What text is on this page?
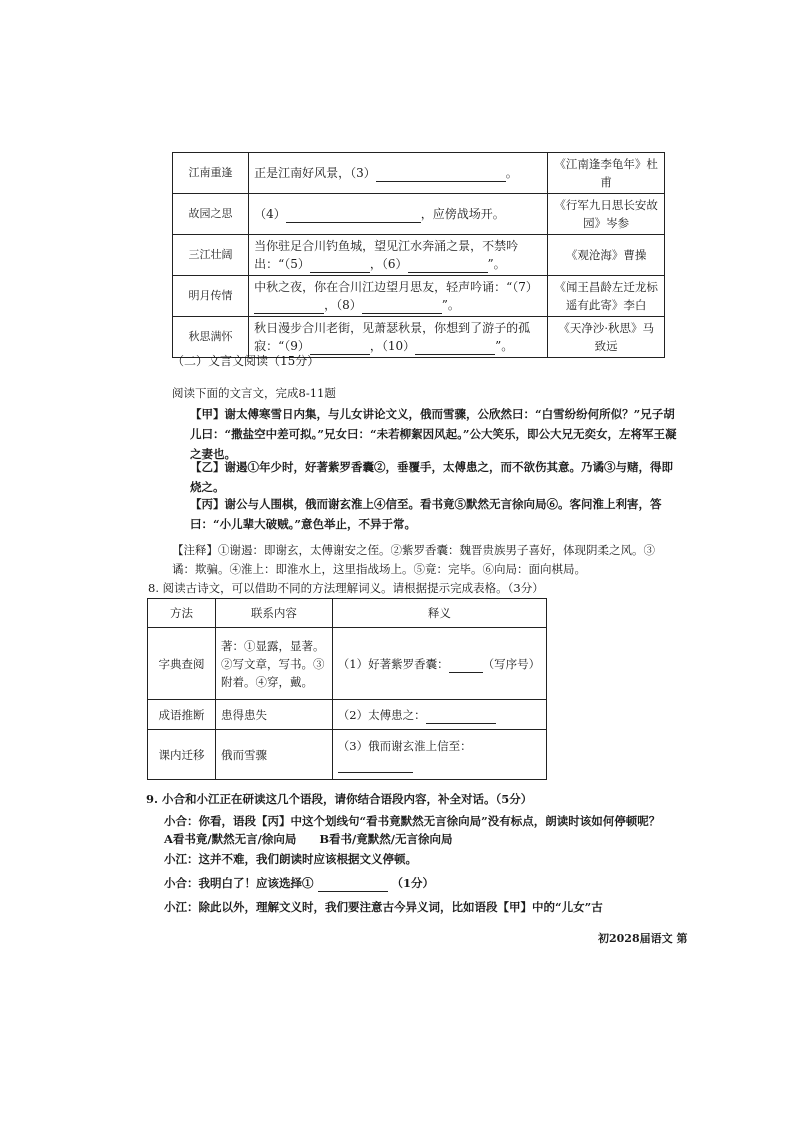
江南重逢	正是江南好风景，（3） 。	《江南逢李龟年》杜甫
故园之思	（4） ，应傍战场开。	《行军九日思长安故园》岑参
三江壮阔	当你驻足合川钓鱼城，望见江水奔涌之景，不禁吟出：“（5） ，（6） ”。	《观沧海》曹操
明月传情	中秋之夜，你在合川江边望月思友，轻声吟诵：“（7），（8） ”。	《闻王昌龄左迁龙标遥有此寄》李白
秋思满怀	秋日漫步合川老街，见萧瑟秋景，你想到了游子的孤寂：“（9） ，（10） ”。	《天净沙·秋思》马致远
（二）文言文阅读（15分）
阅读下面的文言文，完成8-11题
【甲】谢太傅寒雪日内集，与儿女讲论文义，俄而雪骤，公欣然曰：“白雪纷纷何所似？”兄子胡儿曰：“撒盐空中差可拟。”兄女曰：“未若柳絮因风起。”公大笑乐，即公大兄无奕女，左将军王凝之妻也。
【乙】谢遏①年少时，好著紫罗香囊②，垂覆手，太傅患之，而不欲伤其意。乃谲③与赌，得即烧之。
【丙】谢公与人围棋，俄而谢玄淮上④信至。看书竟⑤默然无言徐向局⑥。客问淮上利害，答曰：“小儿辈大破贼。”意色举止，不异于常。
【注释】①谢遏：即谢玄，太傅谢安之侄。②紫罗香囊：魏晋贵族男子喜好，体现阴柔之风。③谲：欺骗。④淮上：即淮水上，这里指战场上。⑤竟：完毕。⑥向局：面向棋局。
8. 阅读古诗文，可以借助不同的方法理解词义。请根据提示完成表格。（3分）
方法	联系内容	释义
字典查阅	著：①显露，显著。②写文章，写书。③附着。④穿，戴。	（1）好著紫罗香囊： （写序号）
成语推断	患得患失	（2）太傅患之：
课内迁移	俄而雪骤	（3）俄而谢玄淮上信至：

9. 小合和小江正在研读这几个语段，请你结合语段内容，补全对话。（5分）
小合：你看，语段【丙】中这个划线句“看书竟默然无言徐向局”没有标点，朗读时该如何停顿呢？ A看书竟/默然无言/徐向局　　B看书/竟默然/无言徐向局
小江：这并不难，我们朗读时应该根据文义停顿。
小合：我明白了！应该选择①	（1分）
小江：除此以外，理解文义时，我们要注意古今异义词，比如语段【甲】中的“儿女”古
初2028届语文 第
